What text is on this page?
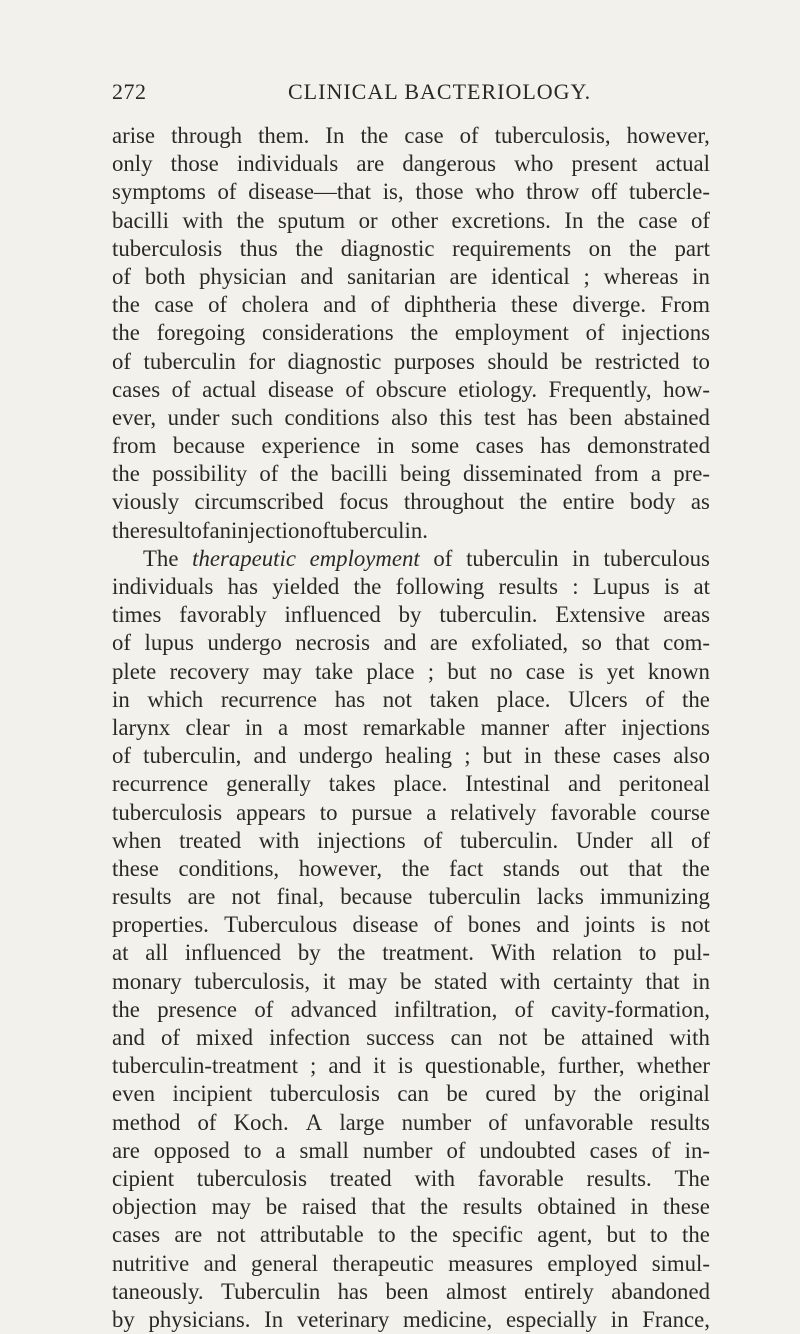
272	CLINICAL BACTERIOLOGY.
arise through them. In the case of tuberculosis, however,
only those individuals are dangerous who present actual
symptoms of disease—that is, those who throw off tubercle-
bacilli with the sputum or other excretions. In the case of
tuberculosis thus the diagnostic requirements on the part
of both physician and sanitarian are identical ; whereas in
the case of cholera and of diphtheria these diverge. From
the foregoing considerations the employment of injections
of tuberculin for diagnostic purposes should be restricted to
cases of actual disease of obscure etiology. Frequently, how-
ever, under such conditions also this test has been abstained
from because experience in some cases has demonstrated
the possibility of the bacilli being disseminated from a pre-
viously circumscribed focus throughout the entire body as
the result of an injection of tuberculin.
The therapeutic employment of tuberculin in tuberculous
individuals has yielded the following results : Lupus is at
times favorably influenced by tuberculin. Extensive areas
of lupus undergo necrosis and are exfoliated, so that com-
plete recovery may take place ; but no case is yet known
in which recurrence has not taken place. Ulcers of the
larynx clear in a most remarkable manner after injections
of tuberculin, and undergo healing ; but in these cases also
recurrence generally takes place. Intestinal and peritoneal
tuberculosis appears to pursue a relatively favorable course
when treated with injections of tuberculin. Under all of
these conditions, however, the fact stands out that the
results are not final, because tuberculin lacks immunizing
properties. Tuberculous disease of bones and joints is not
at all influenced by the treatment. With relation to pul-
monary tuberculosis, it may be stated with certainty that in
the presence of advanced infiltration, of cavity-formation,
and of mixed infection success can not be attained with
tuberculin-treatment ; and it is questionable, further, whether
even incipient tuberculosis can be cured by the original
method of Koch. A large number of unfavorable results
are opposed to a small number of undoubted cases of in-
cipient tuberculosis treated with favorable results. The
objection may be raised that the results obtained in these
cases are not attributable to the specific agent, but to the
nutritive and general therapeutic measures employed simul-
taneously. Tuberculin has been almost entirely abandoned
by physicians. In veterinary medicine, especially in France,
